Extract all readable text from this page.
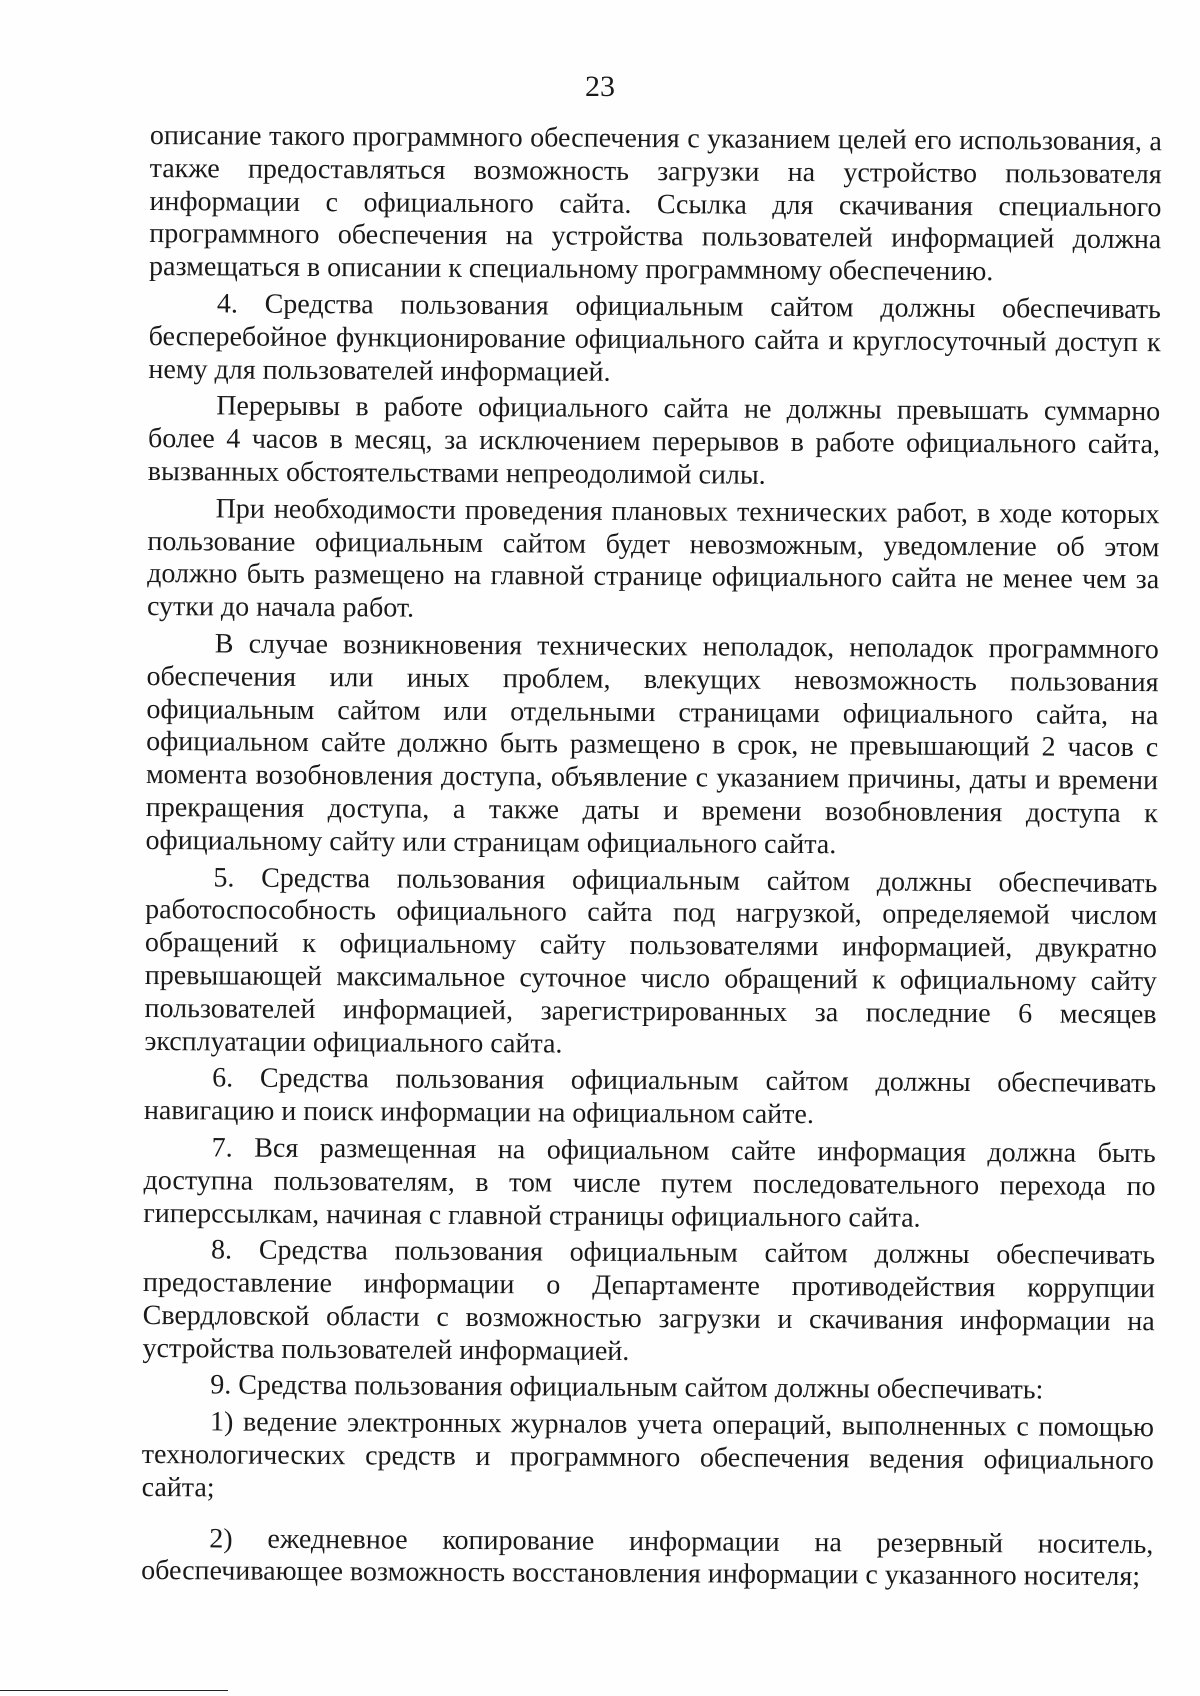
23

описание такого программного обеспечения с указанием целей его использования, а также предоставляться возможность загрузки на устройство пользователя информации с официального сайта. Ссылка для скачивания специального программного обеспечения на устройства пользователей информацией должна размещаться в описании к специальному программному обеспечению.

4. Средства пользования официальным сайтом должны обеспечивать бесперебойное функционирование официального сайта и круглосуточный доступ к нему для пользователей информацией.

Перерывы в работе официального сайта не должны превышать суммарно более 4 часов в месяц, за исключением перерывов в работе официального сайта, вызванных обстоятельствами непреодолимой силы.

При необходимости проведения плановых технических работ, в ходе которых пользование официальным сайтом будет невозможным, уведомление об этом должно быть размещено на главной странице официального сайта не менее чем за сутки до начала работ.

В случае возникновения технических неполадок, неполадок программного обеспечения или иных проблем, влекущих невозможность пользования официальным сайтом или отдельными страницами официального сайта, на официальном сайте должно быть размещено в срок, не превышающий 2 часов с момента возобновления доступа, объявление с указанием причины, даты и времени прекращения доступа, а также даты и времени возобновления доступа к официальному сайту или страницам официального сайта.

5. Средства пользования официальным сайтом должны обеспечивать работоспособность официального сайта под нагрузкой, определяемой числом обращений к официальному сайту пользователями информацией, двукратно превышающей максимальное суточное число обращений к официальному сайту пользователей информацией, зарегистрированных за последние 6 месяцев эксплуатации официального сайта.

6. Средства пользования официальным сайтом должны обеспечивать навигацию и поиск информации на официальном сайте.

7. Вся размещенная на официальном сайте информация должна быть доступна пользователям, в том числе путем последовательного перехода по гиперссылкам, начиная с главной страницы официального сайта.

8. Средства пользования официальным сайтом должны обеспечивать предоставление информации о Департаменте противодействия коррупции Свердловской области с возможностью загрузки и скачивания информации на устройства пользователей информацией.

9. Средства пользования официальным сайтом должны обеспечивать:

1) ведение электронных журналов учета операций, выполненных с помощью технологических средств и программного обеспечения ведения официального сайта;

2) ежедневное копирование информации на резервный носитель, обеспечивающее возможность восстановления информации с указанного носителя;
